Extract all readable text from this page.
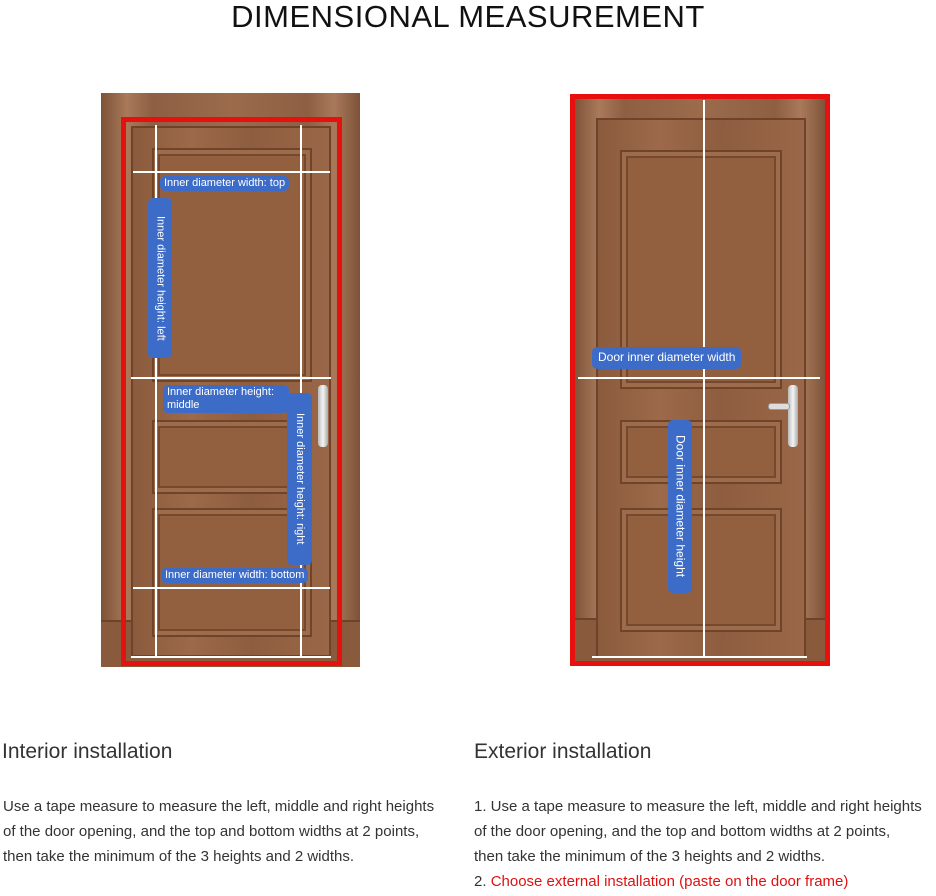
DIMENSIONAL MEASUREMENT
Inner diameter width: top
Inner diameter height: left
Inner diameter height: middle
Inner diameter height: right
Inner diameter width: bottom
Door inner diameter width
Door inner diameter height
Interior installation
Use a tape measure to measure the left, middle and right heights
of the door opening, and the top and bottom widths at 2 points,
then take the minimum of the 3 heights and 2 widths.
Exterior installation
1. Use a tape measure to measure the left, middle and right heights
of the door opening, and the top and bottom widths at 2 points,
then take the minimum of the 3 heights and 2 widths.
2. Choose external installation (paste on the door frame)
